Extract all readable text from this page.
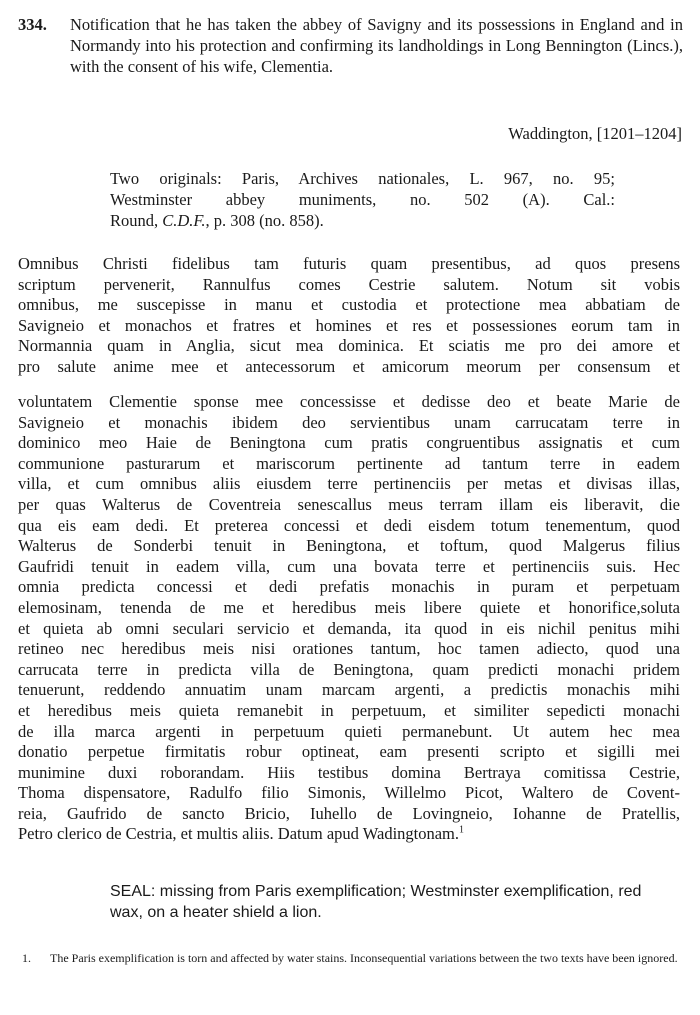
334. Notification that he has taken the abbey of Savigny and its possessions in England and in Normandy into his protection and confirming its landholdings in Long Bennington (Lincs.), with the consent of his wife, Clementia.
Waddington, [1201–1204]
Two originals: Paris, Archives nationales, L. 967, no. 95;
Westminster abbey muniments, no. 502 (A). Cal.:
Round, C.D.F., p. 308 (no. 858).
Omnibus Christi fidelibus tam futuris quam presentibus, ad quos presens
scriptum pervenerit, Rannulfus comes Cestrie salutem. Notum sit vobis
omnibus, me suscepisse in manu et custodia et protectione mea abbatiam de
Savigneio et monachos et fratres et homines et res et possessiones eorum tam in
Normannia quam in Anglia, sicut mea dominica. Et sciatis me pro dei amore et
pro salute anime mee et antecessorum et amicorum meorum per consensum et
voluntatem Clementie sponse mee concessisse et dedisse deo et beate Marie de
Savigneio et monachis ibidem deo servientibus unam carrucatam terre in
dominico meo Haie de Beningtona cum pratis congruentibus assignatis et cum
communione pasturarum et mariscorum pertinente ad tantum terre in eadem
villa, et cum omnibus aliis eiusdem terre pertinenciis per metas et divisas illas,
per quas Walterus de Coventreia senescallus meus terram illam eis liberavit, die
qua eis eam dedi. Et preterea concessi et dedi eisdem totum tenementum, quod
Walterus de Sonderbi tenuit in Beningtona, et toftum, quod Malgerus filius
Gaufridi tenuit in eadem villa, cum una bovata terre et pertinenciis suis. Hec
omnia predicta concessi et dedi prefatis monachis in puram et perpetuam
elemosinam, tenenda de me et heredibus meis libere quiete et honorifice,soluta
et quieta ab omni seculari servicio et demanda, ita quod in eis nichil penitus mihi
retineo nec heredibus meis nisi orationes tantum, hoc tamen adiecto, quod una
carrucata terre in predicta villa de Beningtona, quam predicti monachi pridem
tenuerunt, reddendo annuatim unam marcam argenti, a predictis monachis mihi
et heredibus meis quieta remanebit in perpetuum, et similiter sepedicti monachi
de illa marca argenti in perpetuum quieti permanebunt. Ut autem hec mea
donatio perpetue firmitatis robur optineat, eam presenti scripto et sigilli mei
munimine duxi roborandam. Hiis testibus domina Bertraya comitissa Cestrie,
Thoma dispensatore, Radulfo filio Simonis, Willelmo Picot, Waltero de Covent-
reia, Gaufrido de sancto Bricio, Iuhello de Lovingneio, Iohanne de Pratellis,
Petro clerico de Cestria, et multis aliis. Datum apud Wadingtonam.$^1$
SEAL: missing from Paris exemplification; Westminster exemplification, red wax, on a heater shield a lion.
1. The Paris exemplification is torn and affected by water stains. Inconsequential variations between the two texts have been ignored.
